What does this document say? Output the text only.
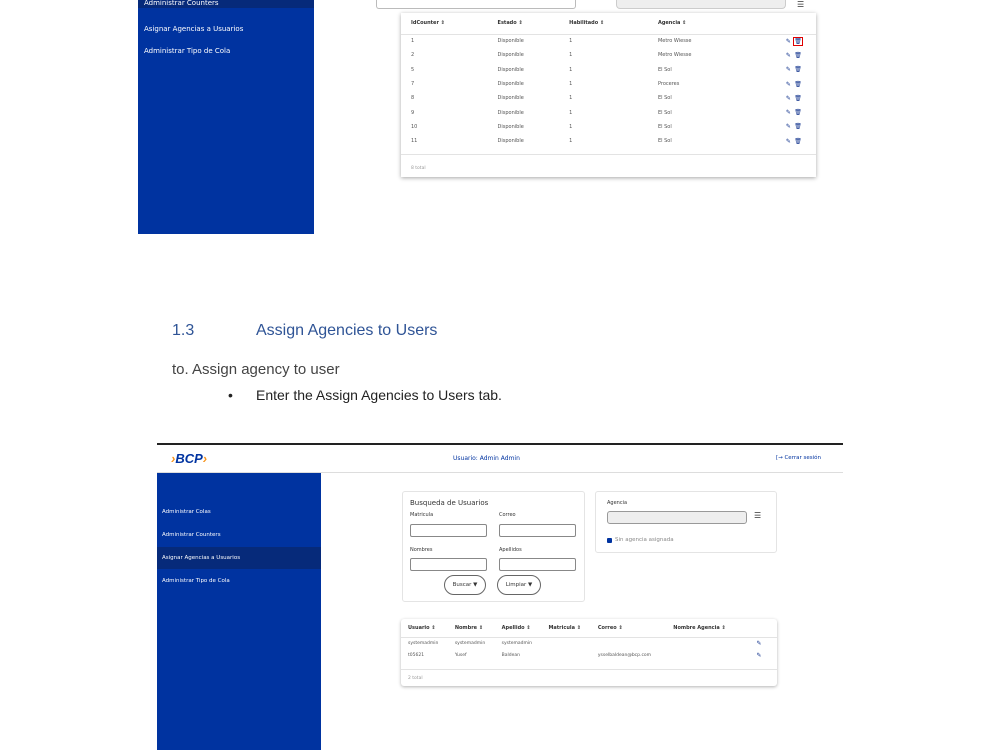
Administrar Counters
Asignar Agencias a Usuarios
Administrar Tipo de Cola
☰
IdCounter ⇕	Estado ⇕	Habilitado ⇕	Agencia ⇕	
1	Disponible	1	Metro Wiesse	✎ 🗑
2	Disponible	1	Metro Wiesse	✎ 🗑
5	Disponible	1	El Sol	✎ 🗑
7	Disponible	1	Proceres	✎ 🗑
8	Disponible	1	El Sol	✎ 🗑
9	Disponible	1	El Sol	✎ 🗑
10	Disponible	1	El Sol	✎ 🗑
11	Disponible	1	El Sol	✎ 🗑
8 total
1.3	Assign Agencies to Users
to. Assign agency to user
• Enter the Assign Agencies to Users tab.
›BCP›	Usuario: Admin Admin	[→ Cerrar sesión
Administrar Colas
Administrar Counters
Asignar Agencias a Usuarios
Administrar Tipo de Cola
Busqueda de Usuarios
Matricula	Correo
Nombres	Apellidos
Buscar ▼	Limpiar ▼
Agencia
☰
Sin agencia asignada
Usuario ⇕	Nombre ⇕	Apellido ⇕	Matricula ⇕	Correo ⇕	Nombre Agencia ⇕	
systemadmin	systemadmin	systemadmin				✎
t05621	Yusef	Baldean		ysselbaldean@bcp.com		✎
2 total
